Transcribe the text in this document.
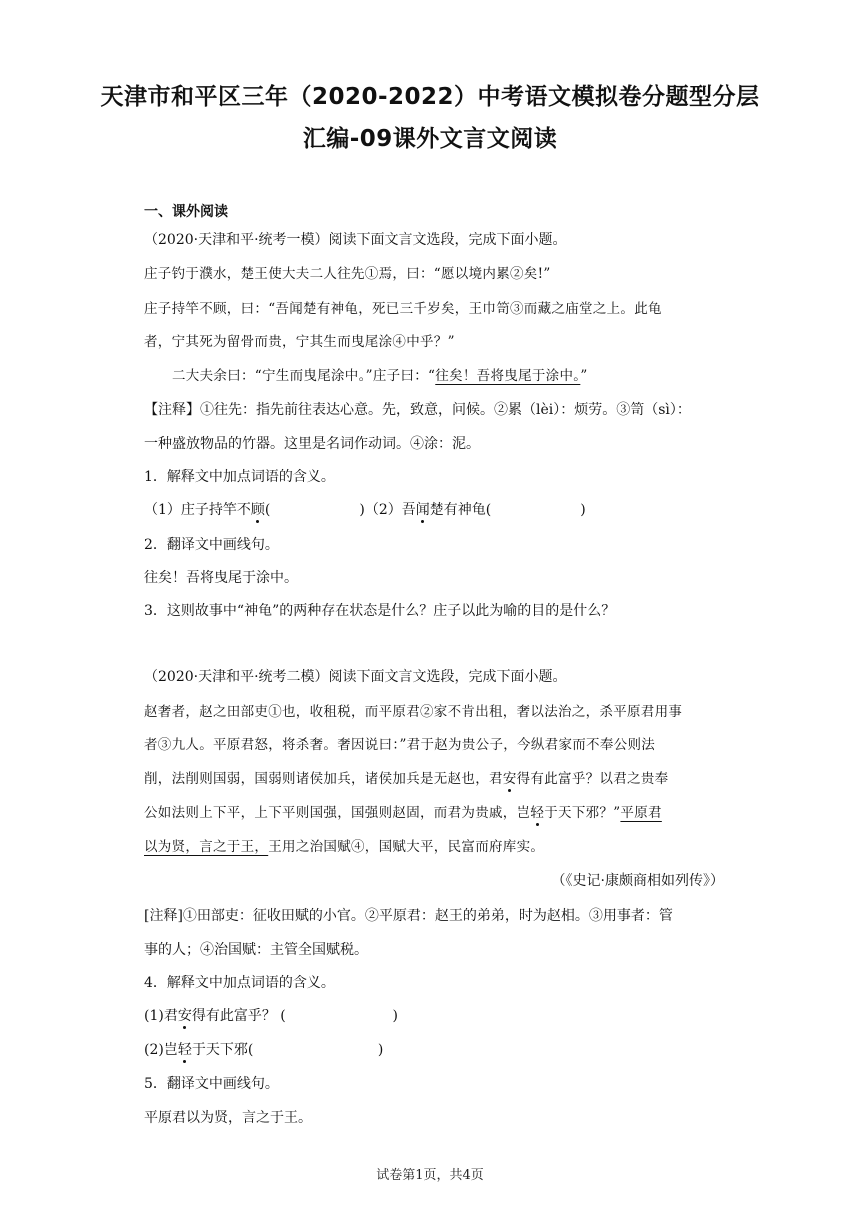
天津市和平区三年（2020-2022）中考语文模拟卷分题型分层
汇编-09课外文言文阅读
一、课外阅读
（2020·天津和平·统考一模）阅读下面文言文选段，完成下面小题。
庄子钓于濮水，楚王使大夫二人往先①焉，曰：“愿以境内累②矣!”
庄子持竿不顾，曰：“吾闻楚有神龟，死已三千岁矣，王巾笥③而藏之庙堂之上。此龟
者，宁其死为留骨而贵，宁其生而曳尾涂④中乎？”
二大夫余曰：“宁生而曳尾涂中。”庄子曰：“往矣！吾将曳尾于涂中。”
【注释】①往先：指先前往表达心意。先，致意，问候。②累（lèi）：烦劳。③笥（sì）：
一种盛放物品的竹器。这里是名词作动词。④涂：泥。
1．解释文中加点词语的含义。
（1）庄子持竿不顾(                    )（2）吾闻楚有神龟(                    )
2．翻译文中画线句。
往矣！吾将曳尾于涂中。
3．这则故事中“神龟”的两种存在状态是什么？庄子以此为喻的目的是什么？
（2020·天津和平·统考二模）阅读下面文言文选段，完成下面小题。
赵奢者，赵之田部吏①也，收租税，而平原君②家不肯出租，奢以法治之，杀平原君用事
者③九人。平原君怒，将杀奢。奢因说曰：”君于赵为贵公子，今纵君家而不奉公则法
削，法削则国弱，国弱则诸侯加兵，诸侯加兵是无赵也，君安得有此富乎？以君之贵奉
公如法则上下平，上下平则国强，国强则赵固，而君为贵戚，岂轻于天下邪？”平原君
以为贤，言之于王，王用之治国赋④，国赋大平，民富而府库实。
（《史记·康颇商相如列传》）
[注释]①田部吏：征收田赋的小官。②平原君：赵王的弟弟，时为赵相。③用事者：管
事的人；④治国赋：主管全国赋税。
4．解释文中加点词语的含义。
(1)君安得有此富乎？ (                        )
(2)岂轻于天下邪(                            )
5．翻译文中画线句。
平原君以为贤，言之于王。
试卷第1页，共4页
